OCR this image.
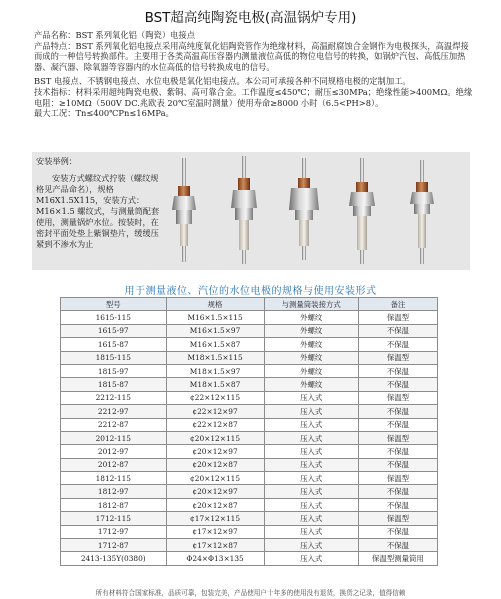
BST超高纯陶瓷电极(高温锅炉专用)

产品名称：BST 系列氧化铝（陶瓷）电接点

产品特点：BST 系列氧化铝电接点采用高纯度氧化铝陶瓷管作为绝缘材料，高温耐腐蚀合金钢作为电极探头，高温焊接而成的一种信号转换部件。主要用于各类高温高压容器内测量液位高低的物位电信号的转换，如锅炉汽包、高低压加热器、凝汽器、除氧器等容器内的水位高低的信号转换成电的信号。

BST 电接点、不锈钢电接点、水位电极是氧化铝电接点。本公司可承接各种不同规格电极的定制加工。

技术指标：材料采用超纯陶瓷电极、紫铜、高可靠合金。工作温度≤450℃；耐压≤30MPa；绝缘性能>400MΩ。绝缘电阻：≥10MΩ（500V DC.兆欧表 20℃室温时测量）使用寿命≥8000 小时（6.5<PH>8）。

最大工况：Tn≤400℃Pn≤16MPa。

安装举例：

安装方式螺纹式拧装（螺纹规格见产品命名），规格 M16X1.5X115，安装方式：M16×1.5 螺纹式，与测量筒配套使用，测量锅炉水位。按装时，在密封平面处垫上紫铜垫片，缓缓压紧到不渗水为止

用于测量液位、汽位的水位电极的规格与使用安装形式
型号	规格	与测量筒装接方式	备注
1615-115	M16×1.5×115	外螺纹	保温型
1615-97	M16×1.5×97	外螺纹	不保温
1615-87	M16×1.5×87	外螺纹	不保温
1815-115	M18×1.5×115	外螺纹	保温型
1815-97	M18×1.5×97	外螺纹	不保温
1815-87	M18×1.5×87	外螺纹	不保温
2212-115	¢22×12×115	压入式	保温型
2212-97	¢22×12×97	压入式	不保温
2212-87	¢22×12×87	压入式	不保温
2012-115	¢20×12×115	压入式	保温型
2012-97	¢20×12×97	压入式	不保温
2012-87	¢20×12×87	压入式	不保温
1812-115	¢20×12×115	压入式	保温型
1812-97	¢20×12×97	压入式	不保温
1812-87	¢20×12×87	压入式	不保温
1712-115	¢17×12×115	压入式	保温型
1712-97	¢17×12×97	压入式	不保温
1712-87	¢17×12×87	压入式	不保温
2413-135Y(0380)	Φ24×Φ13×135	压入式	保温型测量筒用
所有材料符合国家标准，品质可靠，包装完美，产品使用户十年多的使用没有退货，换货之记录，值得信赖
